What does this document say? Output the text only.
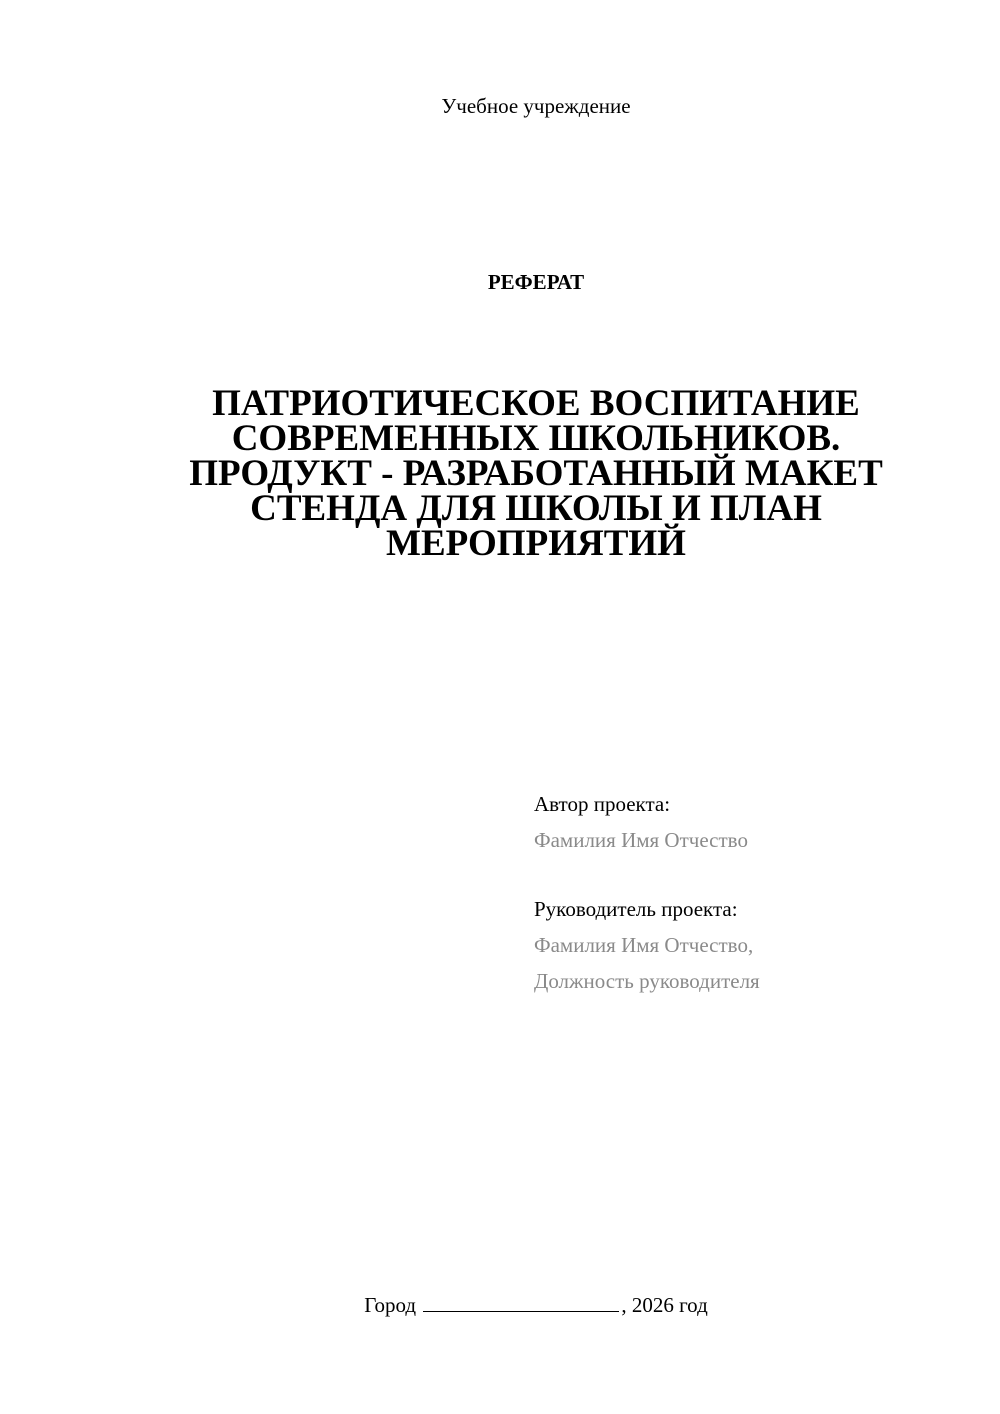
Учебное учреждение
РЕФЕРАТ
ПАТРИОТИЧЕСКОЕ ВОСПИТАНИЕ
СОВРЕМЕННЫХ ШКОЛЬНИКОВ.
ПРОДУКТ - РАЗРАБОТАННЫЙ МАКЕТ
СТЕНДА ДЛЯ ШКОЛЫ И ПЛАН
МЕРОПРИЯТИЙ
Автор проекта:
Фамилия Имя Отчество
Руководитель проекта:
Фамилия Имя Отчество,
Должность руководителя
Город	, 2026 год
